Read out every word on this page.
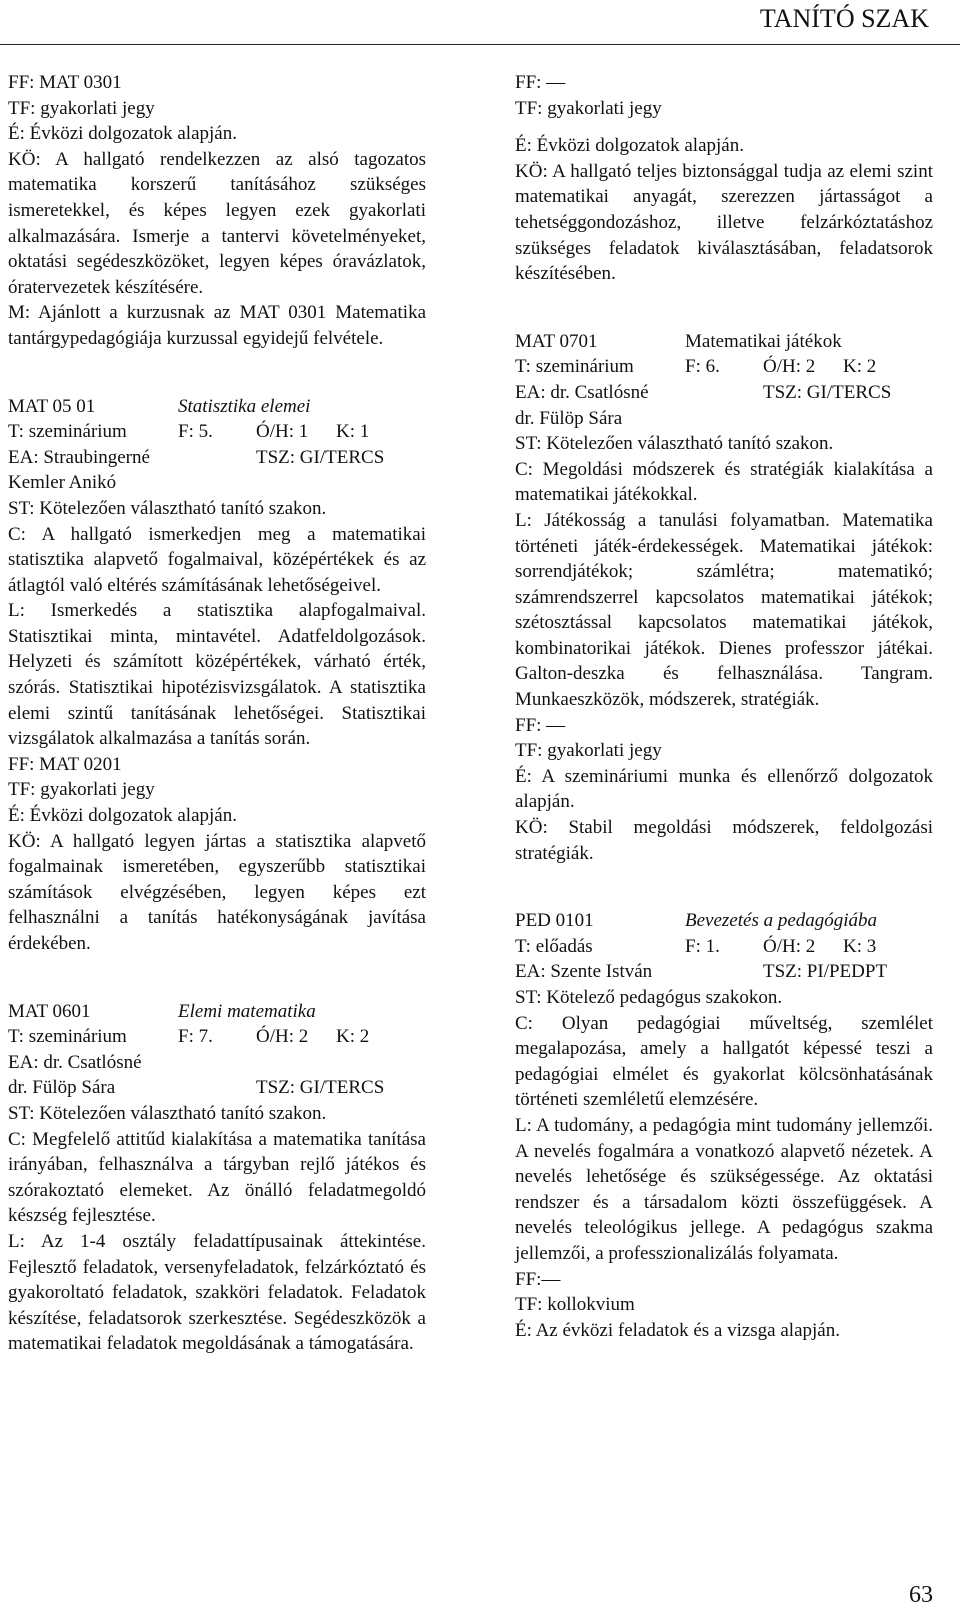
TANÍTÓ SZAK

FF: MAT 0301

TF: gyakorlati jegy

É: Évközi dolgozatok alapján.

KÖ: A hallgató rendelkezzen az alsó tagozatos matematika korszerű tanításához szükséges ismeretekkel, és képes legyen ezek gyakorlati alkalmazására. Ismerje a tantervi követelményeket, oktatási segédeszközöket, legyen képes óravázlatok, óratervezetek készítésére.

M: Ajánlott a kurzusnak az MAT 0301 Matematika tantárgypedagógiája kurzussal egyidejű felvétele.

MAT 05 01	Statisztika elemei

T: szeminárium	F: 5.	Ó/H: 1	K: 1

EA: Straubingerné	TSZ: GI/TERCS

Kemler Anikó

ST: Kötelezően választható tanító szakon.

C: A hallgató ismerkedjen meg a matematikai statisztika alapvető fogalmaival, középértékek és az átlagtól való eltérés számításának lehetőségeivel.

L: Ismerkedés a statisztika alapfogalmaival. Statisztikai minta, mintavétel. Adatfeldolgozások. Helyzeti és számított középértékek, várható érték, szórás. Statisztikai hipotézisvizsgálatok. A statisztika elemi szintű tanításának lehetőségei. Statisztikai vizsgálatok alkalmazása a tanítás során.

FF: MAT 0201

TF: gyakorlati jegy

É: Évközi dolgozatok alapján.

KÖ: A hallgató legyen jártas a statisztika alapvető fogalmainak ismeretében, egyszerűbb statisztikai számítások elvégzésében, legyen képes ezt felhasználni a tanítás hatékonyságának javítása érdekében.

MAT 0601	Elemi matematika

T: szeminárium	F: 7.	Ó/H: 2	K: 2

EA: dr. Csatlósné

dr. Fülöp Sára	TSZ: GI/TERCS

ST: Kötelezően választható tanító szakon.

C: Megfelelő attitűd kialakítása a matematika tanítása irányában, felhasználva a tárgyban rejlő játékos és szórakoztató elemeket. Az önálló feladatmegoldó készség fejlesztése.

L: Az 1-4 osztály feladattípusainak áttekintése. Fejlesztő feladatok, versenyfeladatok, felzárkóztató és gyakoroltató feladatok, szakköri feladatok. Feladatok készítése, feladatsorok szerkesztése. Segédeszközök a matematikai feladatok megoldásának a támogatására.

FF: —

TF: gyakorlati jegy

É: Évközi dolgozatok alapján.

KÖ: A hallgató teljes biztonsággal tudja az elemi szint matematikai anyagát, szerezzen jártasságot a tehetséggondozáshoz, illetve felzárkóztatáshoz szükséges feladatok kiválasztásában, feladatsorok készítésében.

MAT 0701	Matematikai játékok

T: szeminárium	F: 6.	Ó/H: 2	K: 2

EA: dr. Csatlósné	TSZ: GI/TERCS

dr. Fülöp Sára

ST: Kötelezően választható tanító szakon.

C: Megoldási módszerek és stratégiák kialakítása a matematikai játékokkal.

L: Játékosság a tanulási folyamatban. Matematika történeti játék-érdekességek. Matematikai játékok: sorrendjátékok; számlétra; matematikó; számrendszerrel kapcsolatos matematikai játékok; szétosztással kapcsolatos matematikai játékok, kombinatorikai játékok. Dienes professzor játékai. Galton-deszka és felhasználása. Tangram. Munkaeszközök, módszerek, stratégiák.

FF: —

TF: gyakorlati jegy

É: A szemináriumi munka és ellenőrző dolgozatok alapján.

KÖ: Stabil megoldási módszerek, feldolgozási stratégiák.

PED 0101	Bevezetés a pedagógiába

T: előadás	F: 1.	Ó/H: 2	K: 3

EA: Szente István	TSZ: PI/PEDPT

ST: Kötelező pedagógus szakokon.

C: Olyan pedagógiai műveltség, szemlélet megalapozása, amely a hallgatót képessé teszi a pedagógiai elmélet és gyakorlat kölcsönhatásának történeti szemléletű elemzésére.

L: A tudomány, a pedagógia mint tudomány jellemzői. A nevelés fogalmára a vonatkozó alapvető nézetek. A nevelés lehetősége és szükségessége. Az oktatási rendszer és a társadalom közti összefüggések. A nevelés teleológikus jellege. A pedagógus szakma jellemzői, a professzionalizálás folyamata.

FF:—

TF: kollokvium

É: Az évközi feladatok és a vizsga alapján.

63
